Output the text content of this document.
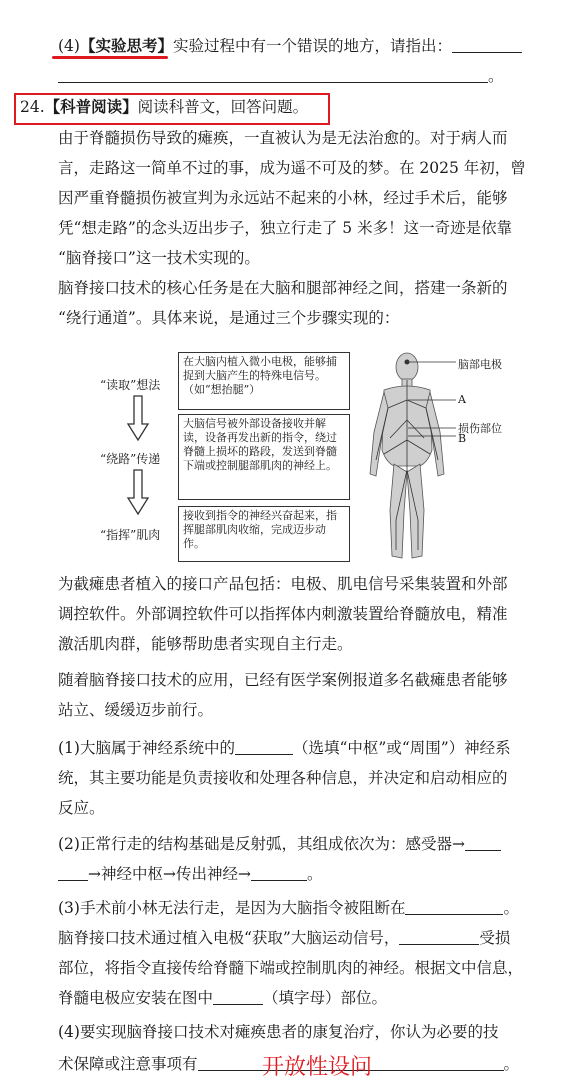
(4)【实验思考】实验过程中有一个错误的地方，请指出：
。
24.【科普阅读】阅读科普文，回答问题。
由于脊髓损伤导致的瘫痪，一直被认为是无法治愈的。对于病人而
言，走路这一简单不过的事，成为遥不可及的梦。在 2025 年初，曾
因严重脊髓损伤被宣判为永远站不起来的小林，经过手术后，能够
凭“想走路”的念头迈出步子，独立行走了 5 米多！这一奇迹是依靠
“脑脊接口”这一技术实现的。
脑脊接口技术的核心任务是在大脑和腿部神经之间，搭建一条新的
“绕行通道”。具体来说，是通过三个步骤实现的：
“读取”想法
在大脑内植入微小电极，能够捕捉到大脑产生的特殊电信号。（如“想抬腿”）
“绕路”传递
大脑信号被外部设备接收并解读，设备再发出新的指令，绕过脊髓上损坏的路段，发送到脊髓下端或控制腿部肌肉的神经上。
“指挥”肌肉
接收到指令的神经兴奋起来，指挥腿部肌肉收缩，完成迈步动作。
脑部电极
A
损伤部位
B
为截瘫患者植入的接口产品包括：电极、肌电信号采集装置和外部
调控软件。外部调控软件可以指挥体内刺激装置给脊髓放电，精准
激活肌肉群，能够帮助患者实现自主行走。
随着脑脊接口技术的应用，已经有医学案例报道多名截瘫患者能够
站立、缓缓迈步前行。
(1)大脑属于神经系统中的	（选填“中枢”或“周围”）神经系
统，其主要功能是负责接收和处理各种信息，并决定和启动相应的
反应。
(2)正常行走的结构基础是反射弧，其组成依次为：感受器→
→神经中枢→传出神经→	。
(3)手术前小林无法行走，是因为大脑指令被阻断在	。
脑脊接口技术通过植入电极“获取”大脑运动信号，	受损
部位，将指令直接传给脊髓下端或控制肌肉的神经。根据文中信息，
脊髓电极应安装在图中	（填字母）部位。
(4)要实现脑脊接口技术对瘫痪患者的康复治疗，你认为必要的技
术保障或注意事项有	。
开放性设问
